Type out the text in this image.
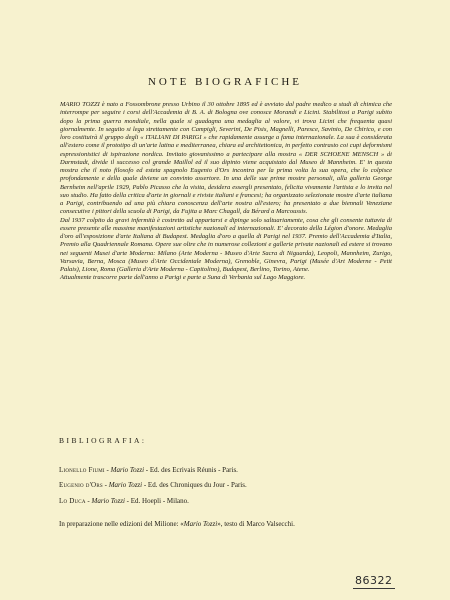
NOTE BIOGRAFICHE

MARIO TOZZI è nato a Fossombrone presso Urbino il 30 ottobre 1895 ed è avviato dal padre medico a studi di chimica che interrompe per seguire i corsi dell'Accademia di B. A. di Bologna ove conosce Morandi e Licini. Stabilitosi a Parigi subito dopo la prima guerra mondiale, nella quale si guadagna una medaglia al valore, vi trova Licini che frequenta quasi giornalmente. In seguito si lega strettamente con Campigli, Severini, De Pisis, Magnelli, Paresce, Savinio, De Chirico, e con loro costituirà il gruppo degli « ITALIANI DI PARIGI » che rapidamente assurge a fama internazionale. La sua è considerata all'estero come il prototipo di un'arte latina e mediterranea, chiara ed architettonica, in perfetto contrasto coi cupi deformismi espressionistici di ispirazione nordica. Invitato giovanissimo a partecipare alla mostra « DER SCHOENE MENSCH » di Darmstadt, divide il successo col grande Maillol ed il suo dipinto viene acquistato dal Museo di Mannheim. E' in questa mostra che il noto filosofo ed esteta spagnolo Eugenio d'Ors incontra per la prima volta la sua opera, che lo colpisce profondamente e della quale diviene un convinto assertore. In una delle sue prime mostre personali, alla galleria George Bernheim nell'aprile 1929, Pablo Picasso che la visita, desidera essergli presentato, felicita vivamente l'artista e lo invita nel suo studio. Ha fatto della critica d'arte in giornali e riviste italiani e francesi; ha organizzato selezionate mostre d'arte italiana a Parigi, contribuendo ad una più chiara conoscenza dell'arte nostra all'estero; ha presentato a due biennali Veneziane consecutive i pittori della scuola di Parigi, da Fujita a Marc Chagall, da Bérard a Marcoussis.

Dal 1937 colpito da gravi infermità è costretto ad appartarsi e dipinge solo saltuariamente, cosa che gli consente tuttavia di essere presente alle massime manifestazioni artistiche nazionali ed internazionali. E' decorato della Légion d'onore. Medaglia d'oro all'esposizione d'arte Italiana di Budapest. Medaglia d'oro a quella di Parigi nel 1937. Premio dell'Accademia d'Italia, Premio alla Quadriennale Romana. Opere sue oltre che in numerose collezioni e gallerie private nazionali ed estere si trovano nei seguenti Musei d'arte Moderna: Milano (Arte Moderna - Museo d'Arte Sacra di Niguarda), Leopoli, Mannheim, Zurigo, Varsavia, Berna, Mosca (Museo d'Arte Occidentale Moderna), Grenoble, Ginevra, Parigi (Musée d'Art Moderne - Petit Palais), Lione, Roma (Galleria d'Arte Moderna - Capitolino), Budapest, Berlino, Torino, Atene.

Attualmente trascorre parte dell'anno a Parigi e parte a Suna di Verbania sul Lago Maggiore.

BIBLIOGRAFIA:
Lionello Fiumi - Mario Tozzi - Ed. des Ecrivais Réunis - Paris.
Eugenio d'Ors - Mario Tozzi - Ed. des Chroniques du Jour - Paris.
Lo Duca - Mario Tozzi - Ed. Hoepli - Milano.

In preparazione nelle edizioni del Milione: «Mario Tozzi», testo di Marco Valsecchi.

86322
